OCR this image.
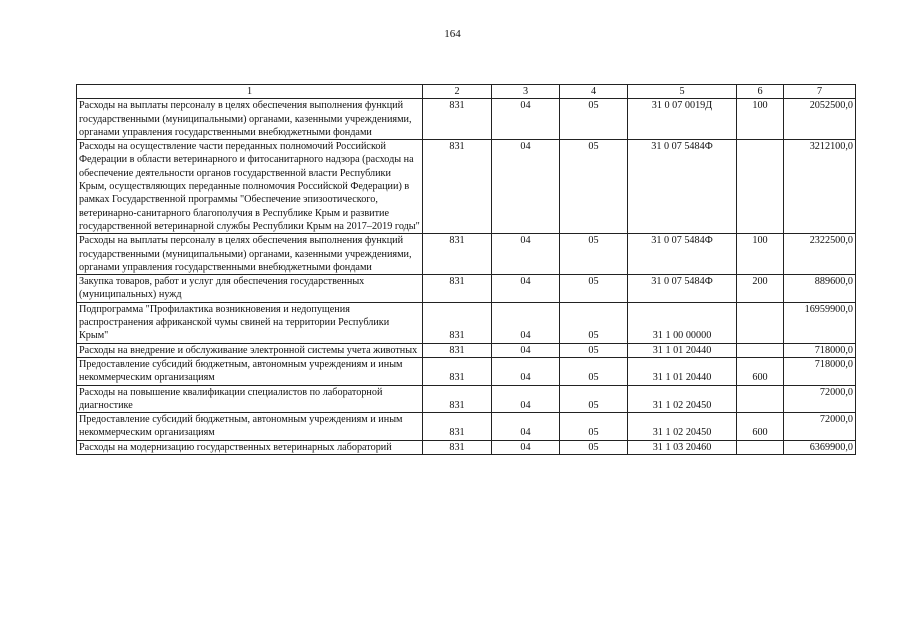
164
1	2	3	4	5	6	7
Расходы на выплаты персоналу в целях обеспечения выполнения функций государственными (муниципальными) органами, казенными учреждениями, органами управления государственными внебюджетными фондами	831	04	05	31 0 07 0019Д	100	2052500,0
Расходы на осуществление части переданных полномочий Российской Федерации в области ветеринарного и фитосанитарного надзора (расходы на обеспечение деятельности органов государственной власти Республики Крым, осуществляющих переданные полномочия Российской Федерации) в рамках Государственной программы "Обеспечение эпизоотического, ветеринарно-санитарного благополучия в Республике Крым и развитие государственной ветеринарной службы Республики Крым на 2017–2019 годы"	831	04	05	31 0 07 5484Ф		3212100,0
Расходы на выплаты персоналу в целях обеспечения выполнения функций государственными (муниципальными) органами, казенными учреждениями, органами управления государственными внебюджетными фондами	831	04	05	31 0 07 5484Ф	100	2322500,0
Закупка товаров, работ и услуг для обеспечения государственных (муниципальных) нужд	831	04	05	31 0 07 5484Ф	200	889600,0
Подпрограмма "Профилактика возникновения и недопущения распространения африканской чумы свиней на территории Республики Крым"	831	04	05	31 1 00 00000		16959900,0
Расходы на внедрение и обслуживание электронной системы учета животных	831	04	05	31 1 01 20440		718000,0
Предоставление субсидий бюджетным, автономным учреждениям и иным некоммерческим организациям	831	04	05	31 1 01 20440	600	718000,0
Расходы на повышение квалификации специалистов по лабораторной диагностике	831	04	05	31 1 02 20450		72000,0
Предоставление субсидий бюджетным, автономным учреждениям и иным некоммерческим организациям	831	04	05	31 1 02 20450	600	72000,0
Расходы на модернизацию государственных ветеринарных лабораторий	831	04	05	31 1 03 20460		6369900,0
